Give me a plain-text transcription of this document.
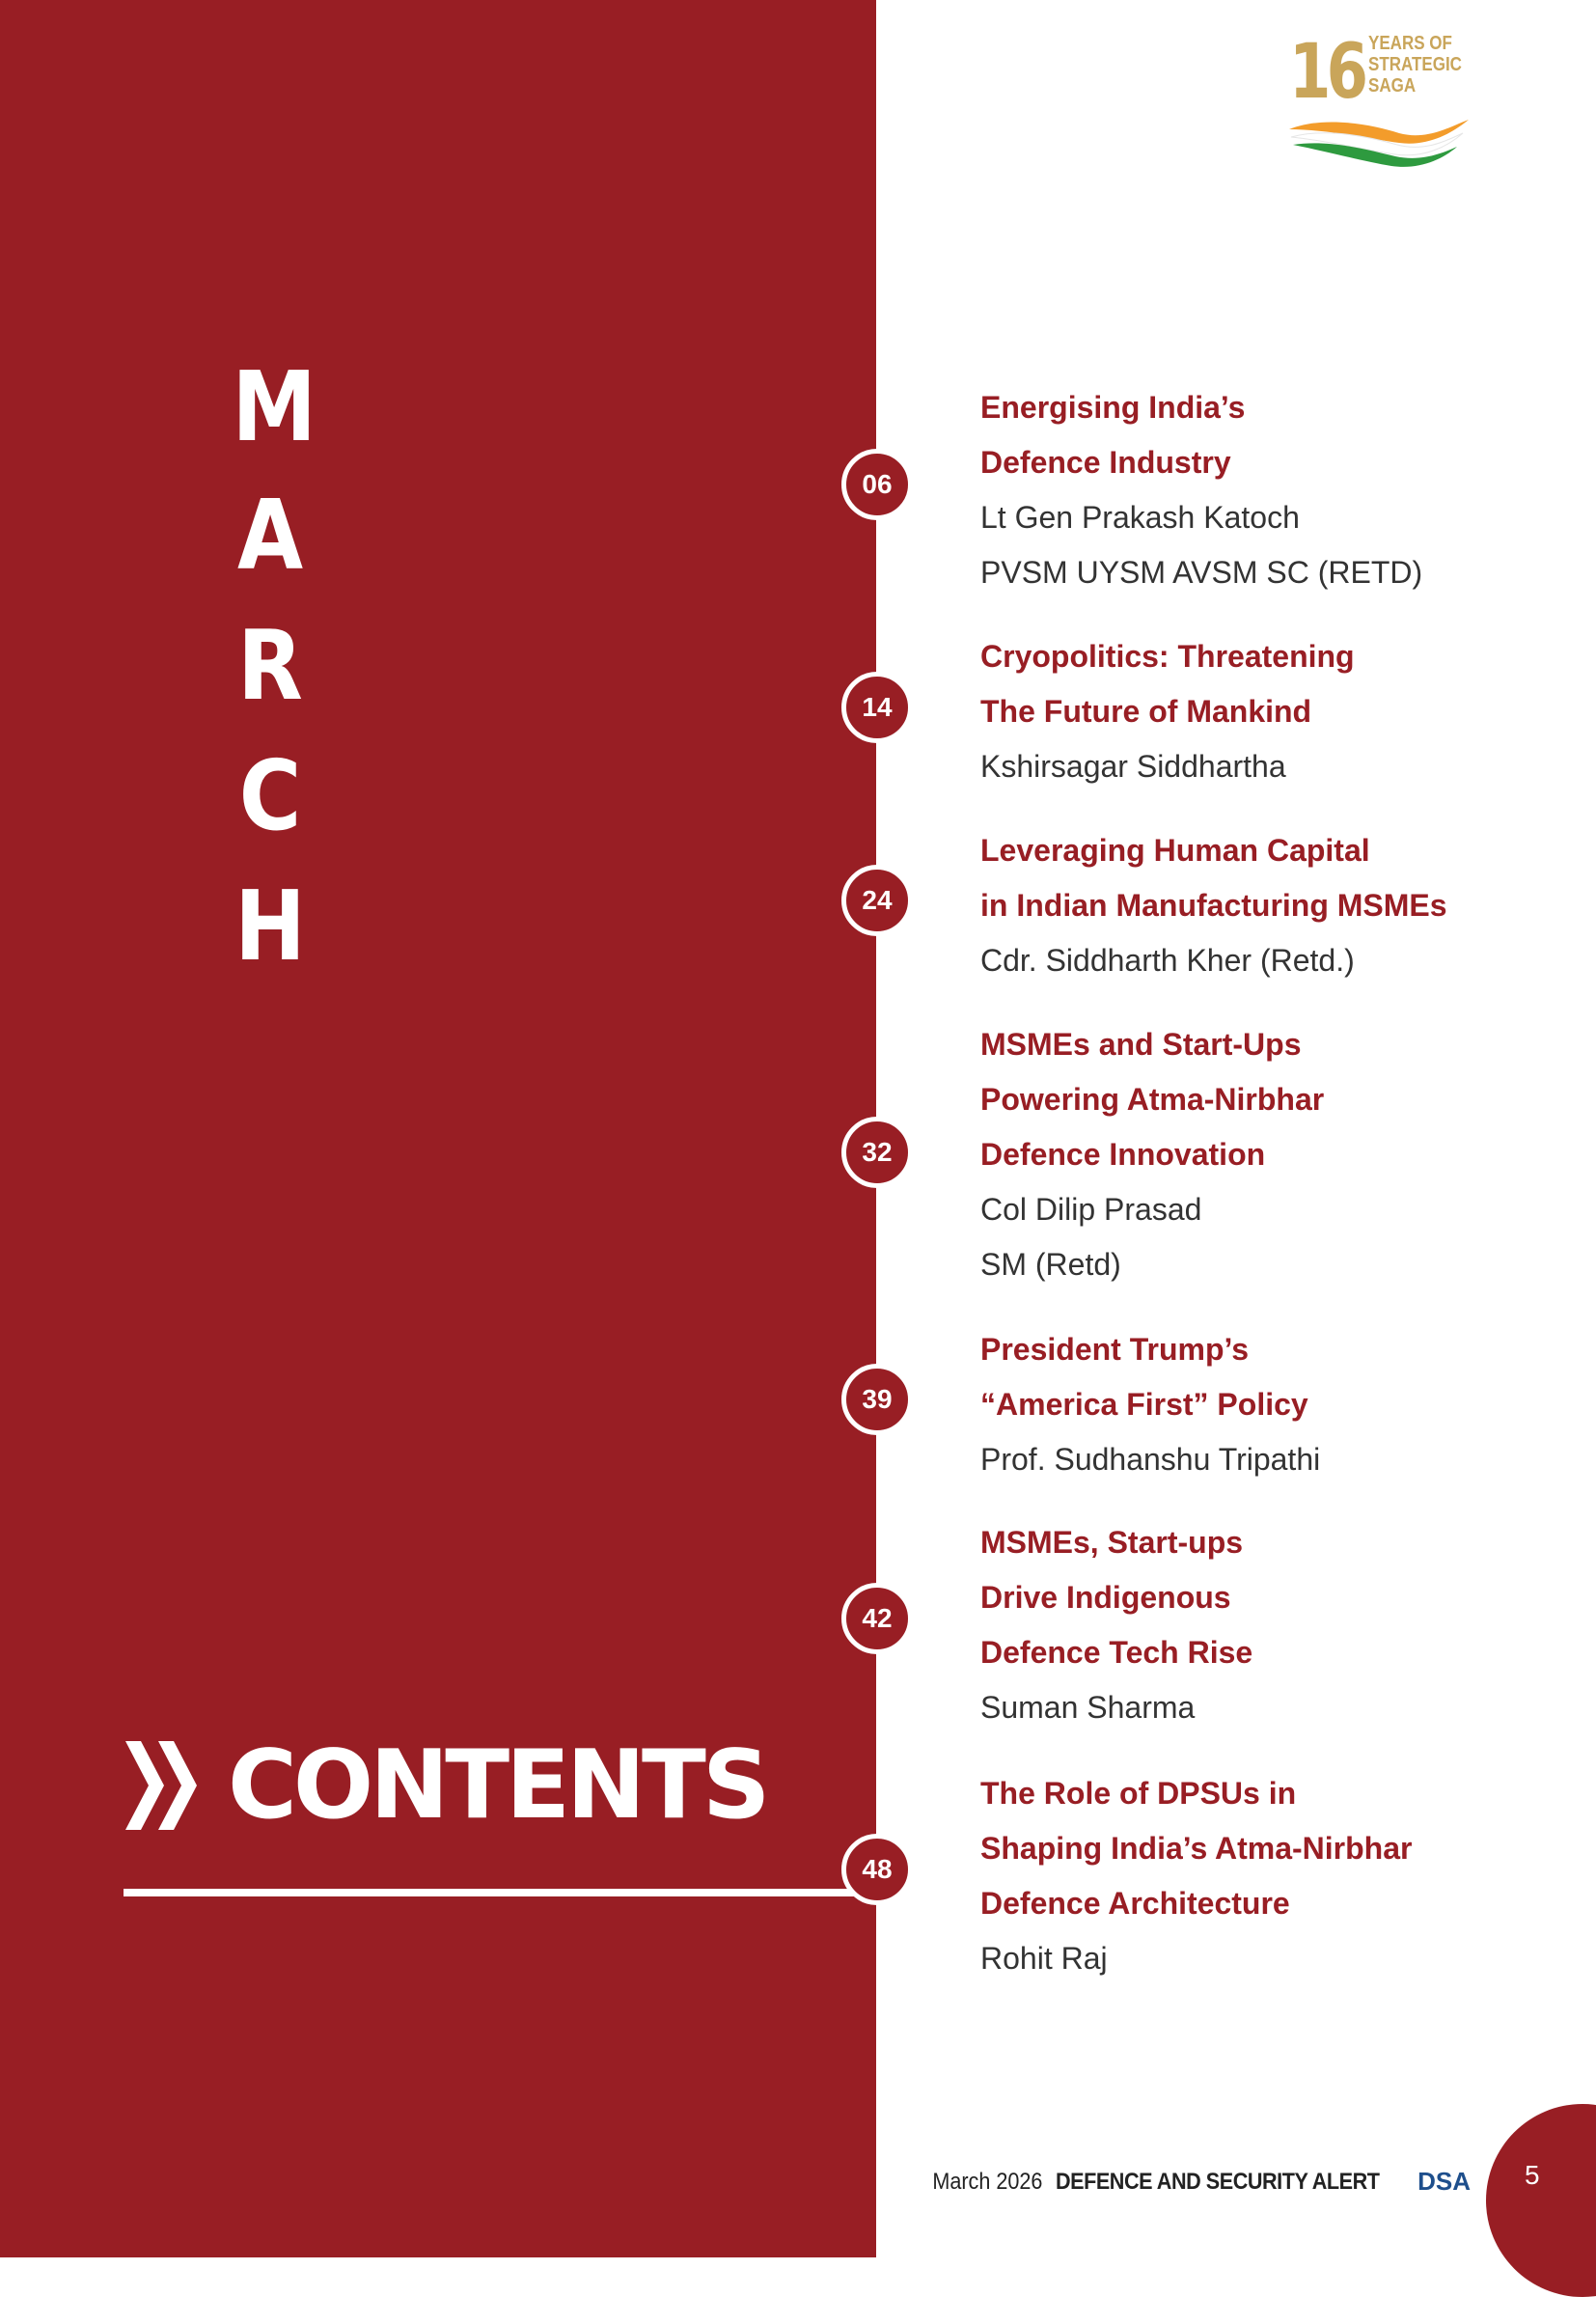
M
A
R
C
H
CONTENTS
16 YEARS OF
STRATEGIC
SAGA
06
Energising India’s
Defence Industry
Lt Gen Prakash Katoch
PVSM UYSM AVSM SC (RETD)
14
Cryopolitics: Threatening
The Future of Mankind
Kshirsagar Siddhartha
24
Leveraging Human Capital
in Indian Manufacturing MSMEs
Cdr. Siddharth Kher (Retd.)
32
MSMEs and Start-Ups
Powering Atma-Nirbhar
Defence Innovation
Col Dilip Prasad
SM (Retd)
39
President Trump’s
“America First” Policy
Prof. Sudhanshu Tripathi
42
MSMEs, Start-ups
Drive Indigenous
Defence Tech Rise
Suman Sharma
48
The Role of DPSUs in
Shaping India’s Atma-Nirbhar
Defence Architecture
Rohit Raj
March 2026 DEFENCE AND SECURITY ALERT DSA 5
